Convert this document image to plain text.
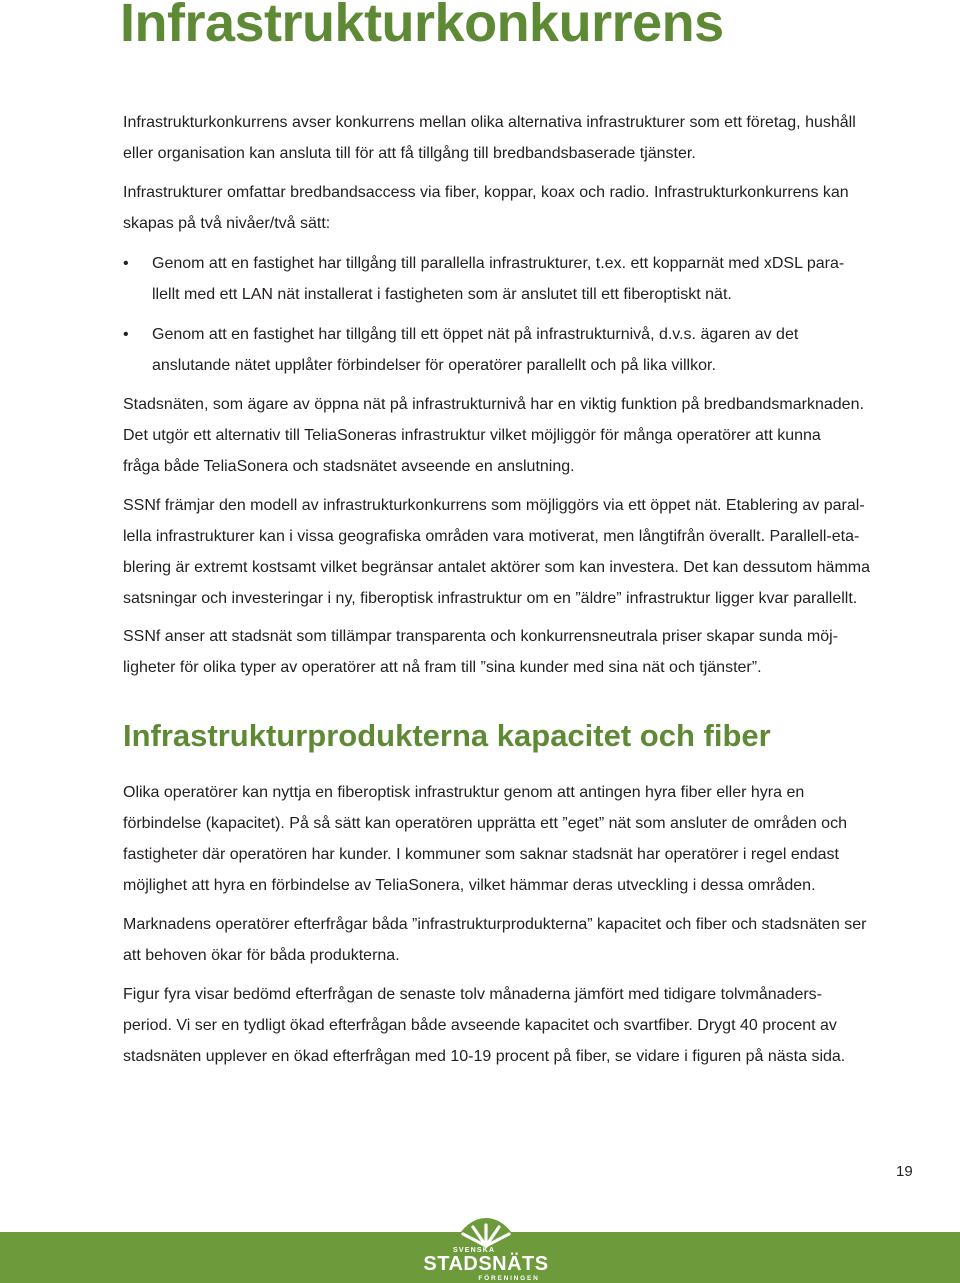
Infrastrukturkonkurrens
Infrastrukturkonkurrens avser konkurrens mellan olika alternativa infrastrukturer som ett företag, hushåll
eller organisation kan ansluta till för att få tillgång till bredbandsbaserade tjänster.
Infrastrukturer omfattar bredbandsaccess via fiber, koppar, koax och radio. Infrastrukturkonkurrens kan
skapas på två nivåer/två sätt:
• Genom att en fastighet har tillgång till parallella infrastrukturer, t.ex. ett kopparnät med xDSL para-
llellt med ett LAN nät installerat i fastigheten som är anslutet till ett fiberoptiskt nät.
• Genom att en fastighet har tillgång till ett öppet nät på infrastrukturnivå, d.v.s. ägaren av det
anslutande nätet upplåter förbindelser för operatörer parallellt och på lika villkor.
Stadsnäten, som ägare av öppna nät på infrastrukturnivå har en viktig funktion på bredbandsmarknaden.
Det utgör ett alternativ till TeliaSoneras infrastruktur vilket möjliggör för många operatörer att kunna
fråga både TeliaSonera och stadsnätet avseende en anslutning.
SSNf främjar den modell av infrastrukturkonkurrens som möjliggörs via ett öppet nät. Etablering av paral-
lella infrastrukturer kan i vissa geografiska områden vara motiverat, men långtifrån överallt. Parallell-eta-
blering är extremt kostsamt vilket begränsar antalet aktörer som kan investera. Det kan dessutom hämma
satsningar och investeringar i ny, fiberoptisk infrastruktur om en ”äldre” infrastruktur ligger kvar parallellt.
SSNf anser att stadsnät som tillämpar transparenta och konkurrensneutrala priser skapar sunda möj-
ligheter för olika typer av operatörer att nå fram till ”sina kunder med sina nät och tjänster”.
Infrastrukturprodukterna kapacitet och fiber
Olika operatörer kan nyttja en fiberoptisk infrastruktur genom att antingen hyra fiber eller hyra en
förbindelse (kapacitet). På så sätt kan operatören upprätta ett ”eget” nät som ansluter de områden och
fastigheter där operatören har kunder. I kommuner som saknar stadsnät har operatörer i regel endast
möjlighet att hyra en förbindelse av TeliaSonera, vilket hämmar deras utveckling i dessa områden.
Marknadens operatörer efterfrågar båda ”infrastrukturprodukterna” kapacitet och fiber och stadsnäten ser
att behoven ökar för båda produkterna.
Figur fyra visar bedömd efterfrågan de senaste tolv månaderna jämfört med tidigare tolvmånaders-
period. Vi ser en tydligt ökad efterfrågan både avseende kapacitet och svartfiber. Drygt 40 procent av
stadsnäten upplever en ökad efterfrågan med 10-19 procent på fiber, se vidare i figuren på nästa sida.
19
SVENSKA
STADSNÄTS
FÖRENINGEN
